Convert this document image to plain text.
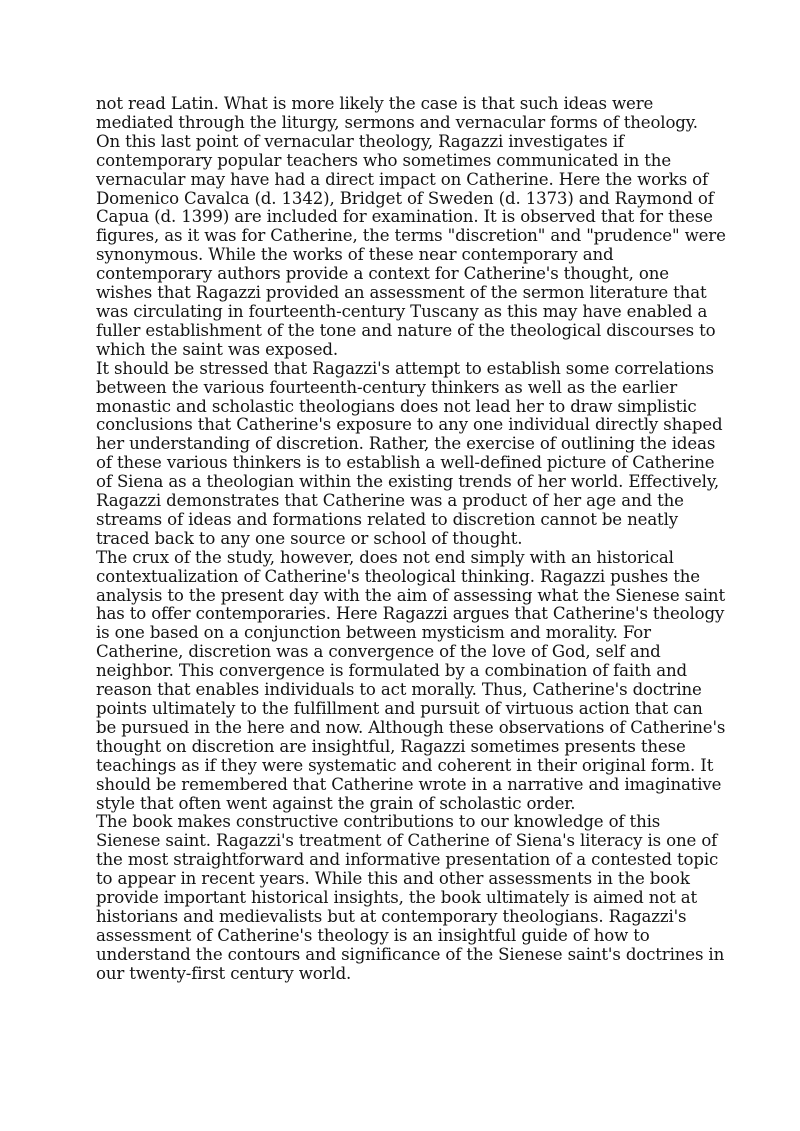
not read Latin. What is more likely the case is that such ideas were mediated through the liturgy, sermons and vernacular forms of theology. On this last point of vernacular theology, Ragazzi investigates if contemporary popular teachers who sometimes communicated in the vernacular may have had a direct impact on Catherine. Here the works of Domenico Cavalca (d. 1342), Bridget of Sweden (d. 1373) and Raymond of Capua (d. 1399) are included for examination. It is observed that for these figures, as it was for Catherine, the terms "discretion" and "prudence" were synonymous. While the works of these near contemporary and contemporary authors provide a context for Catherine's thought, one wishes that Ragazzi provided an assessment of the sermon literature that was circulating in fourteenth-century Tuscany as this may have enabled a fuller establishment of the tone and nature of the theological discourses to which the saint was exposed.

It should be stressed that Ragazzi's attempt to establish some correlations between the various fourteenth-century thinkers as well as the earlier monastic and scholastic theologians does not lead her to draw simplistic conclusions that Catherine's exposure to any one individual directly shaped her understanding of discretion. Rather, the exercise of outlining the ideas of these various thinkers is to establish a well-defined picture of Catherine of Siena as a theologian within the existing trends of her world. Effectively, Ragazzi demonstrates that Catherine was a product of her age and the streams of ideas and formations related to discretion cannot be neatly traced back to any one source or school of thought.

The crux of the study, however, does not end simply with an historical contextualization of Catherine's theological thinking. Ragazzi pushes the analysis to the present day with the aim of assessing what the Sienese saint has to offer contemporaries. Here Ragazzi argues that Catherine's theology is one based on a conjunction between mysticism and morality. For Catherine, discretion was a convergence of the love of God, self and neighbor. This convergence is formulated by a combination of faith and reason that enables individuals to act morally. Thus, Catherine's doctrine points ultimately to the fulfillment and pursuit of virtuous action that can be pursued in the here and now. Although these observations of Catherine's thought on discretion are insightful, Ragazzi sometimes presents these teachings as if they were systematic and coherent in their original form. It should be remembered that Catherine wrote in a narrative and imaginative style that often went against the grain of scholastic order.

The book makes constructive contributions to our knowledge of this Sienese saint. Ragazzi's treatment of Catherine of Siena's literacy is one of the most straightforward and informative presentation of a contested topic to appear in recent years. While this and other assessments in the book provide important historical insights, the book ultimately is aimed not at historians and medievalists but at contemporary theologians. Ragazzi's assessment of Catherine's theology is an insightful guide of how to understand the contours and significance of the Sienese saint's doctrines in our twenty-first century world.
